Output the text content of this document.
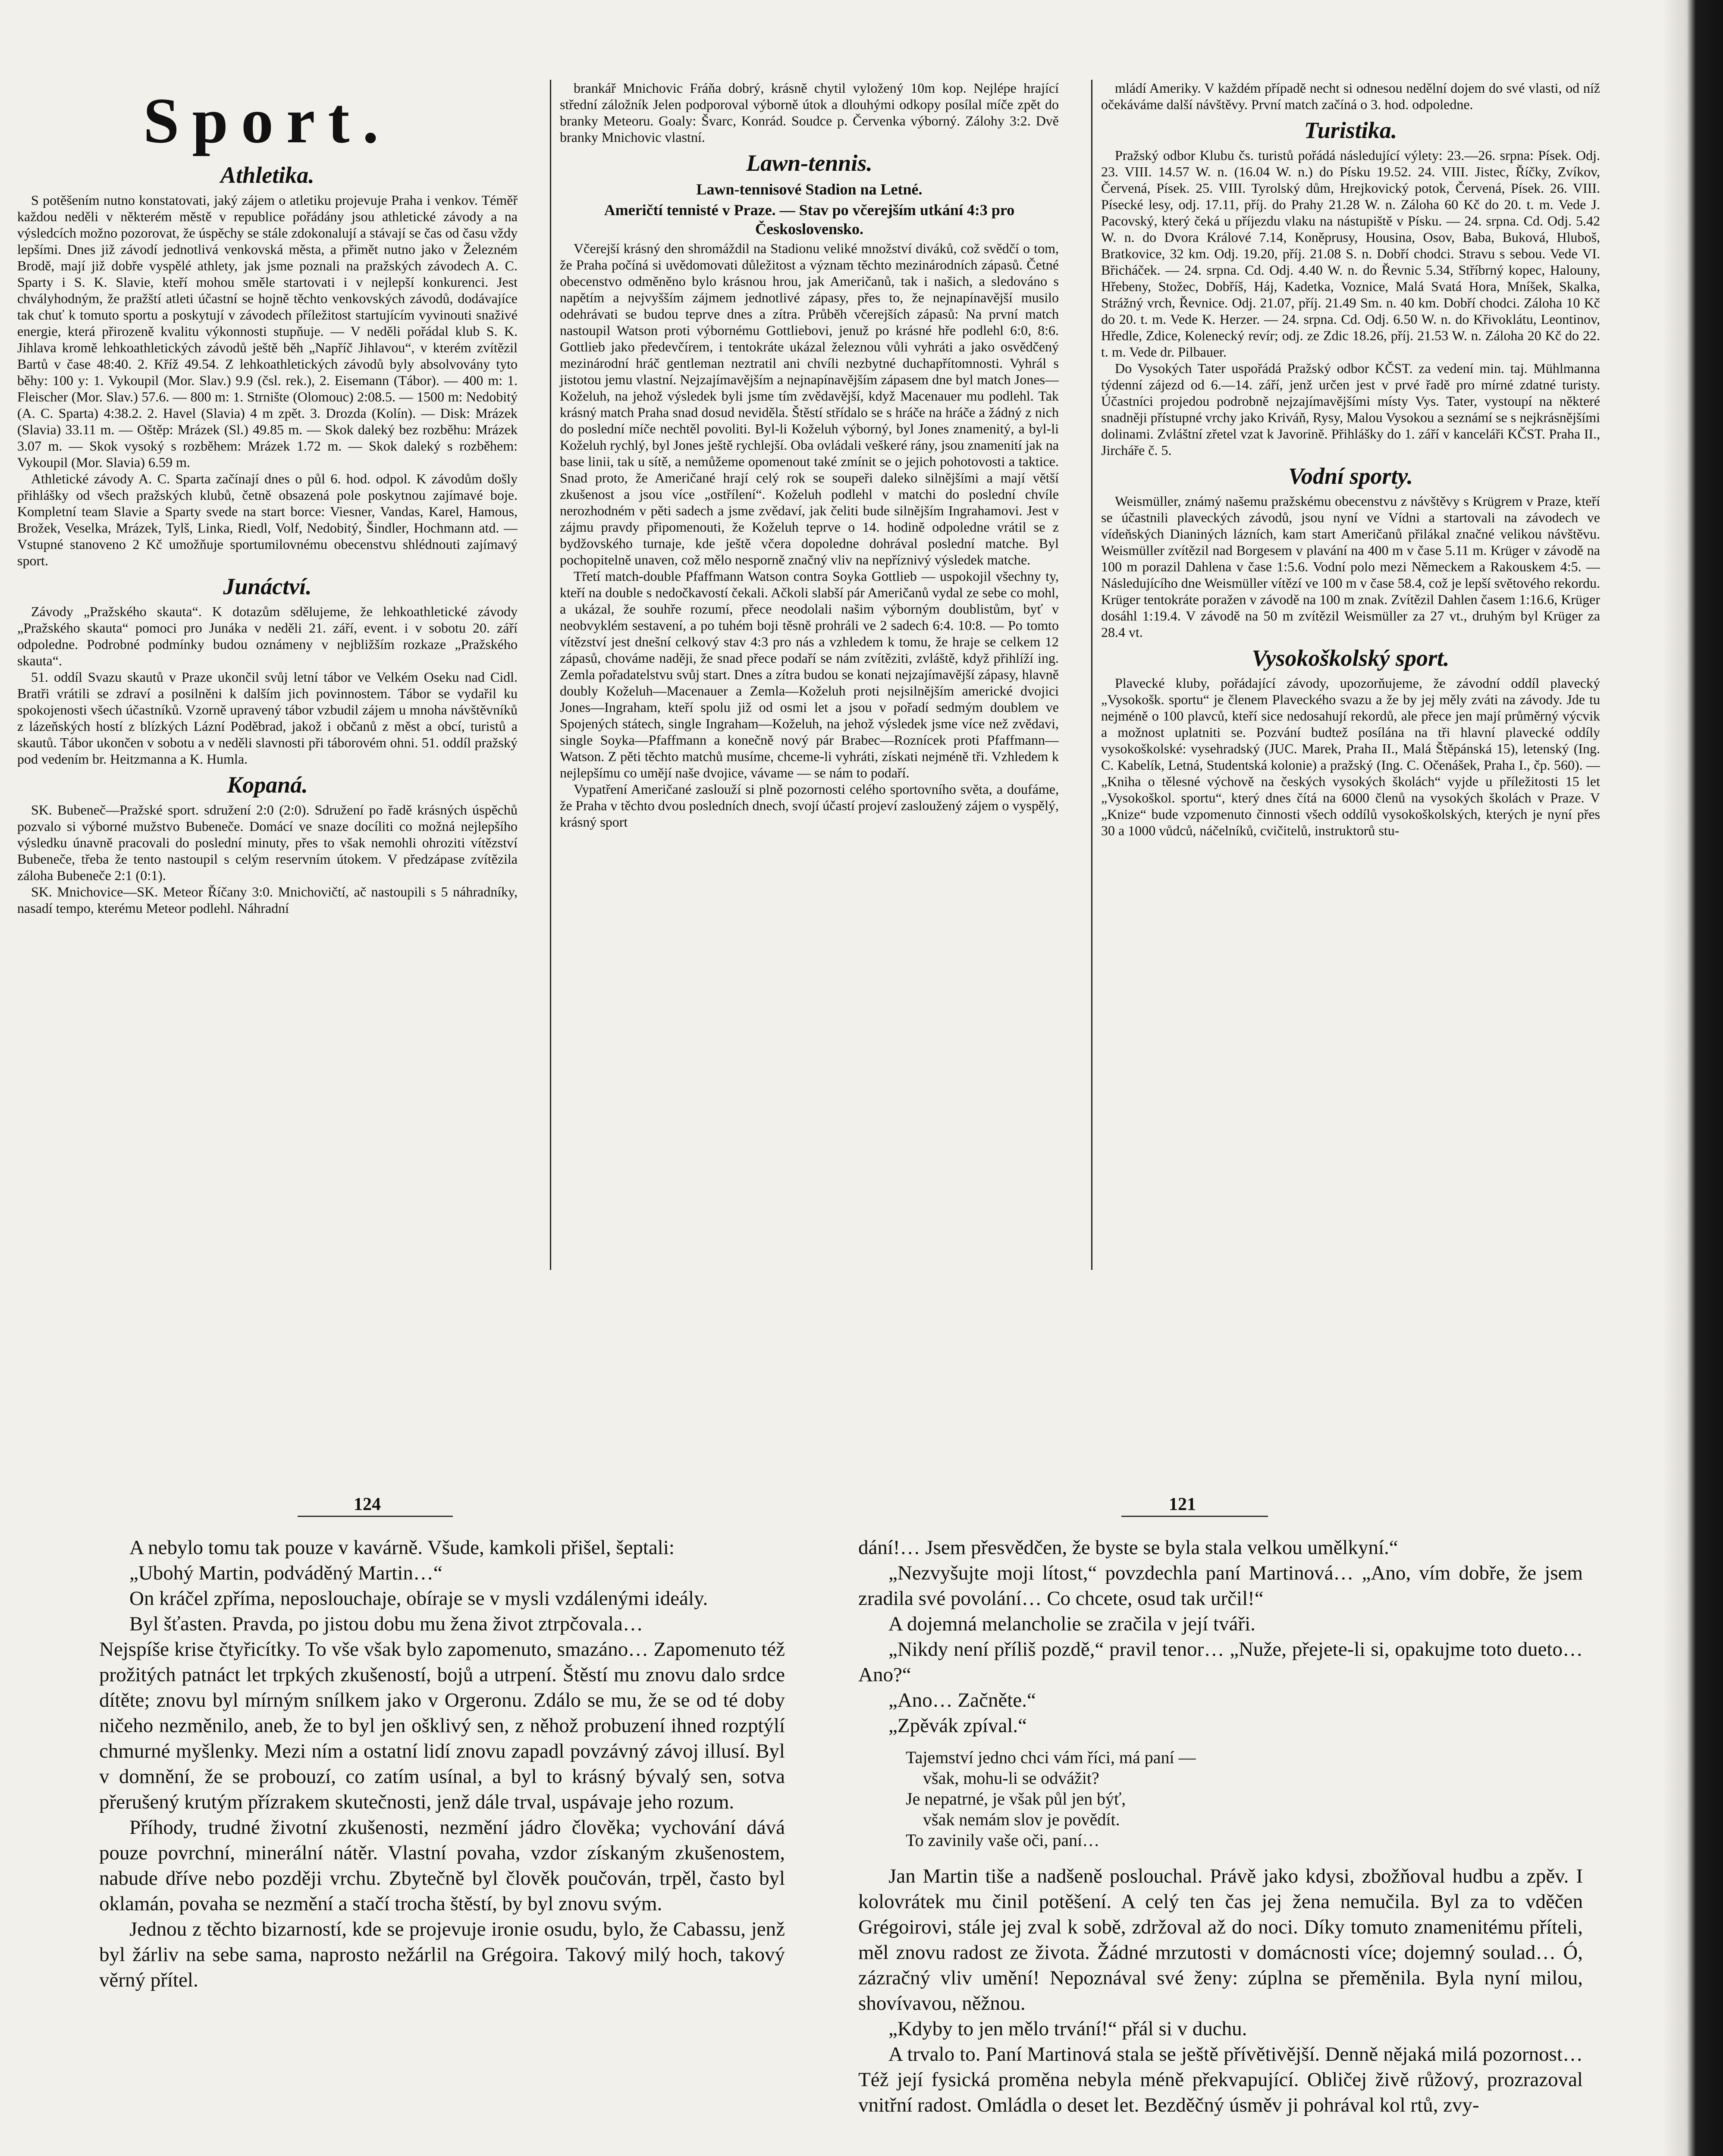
Sport.
Athletika.

S potěšením nutno konstatovati, jaký zájem o atletiku projevuje Praha i venkov. Téměř každou neděli v některém městě v republice pořádány jsou athletické závody a na výsledcích možno pozorovat, že úspěchy se stále zdokonalují a stávají se čas od času vždy lepšími. Dnes již závodí jednotlivá venkovská města, a přimět nutno jako v Železném Brodě, mají již dobře vyspělé athlety, jak jsme poznali na pražských závodech A. C. Sparty i S. K. Slavie, kteří mohou směle startovati i v nejlepší konkurenci. Jest chvályhodným, že pražští atleti účastní se hojně těchto venkovských závodů, dodávajíce tak chuť k tomuto sportu a poskytují v závodech příležitost startujícím vyvinouti snaživé energie, která přirozeně kvalitu výkonnosti stupňuje. — V neděli pořádal klub S. K. Jihlava kromě lehkoathletických závodů ještě běh „Napříč Jihlavou“, v kterém zvítězil Bartů v čase 48:40. 2. Kříž 49.54. Z lehkoathletických závodů byly absolvovány tyto běhy: 100 y: 1. Vykoupil (Mor. Slav.) 9.9 (čsl. rek.), 2. Eisemann (Tábor). — 400 m: 1. Fleischer (Mor. Slav.) 57.6. — 800 m: 1. Strnište (Olomouc) 2:08.5. — 1500 m: Nedobitý (A. C. Sparta) 4:38.2. 2. Havel (Slavia) 4 m zpět. 3. Drozda (Kolín). — Disk: Mrázek (Slavia) 33.11 m. — Oštěp: Mrázek (Sl.) 49.85 m. — Skok daleký bez rozběhu: Mrázek 3.07 m. — Skok vysoký s rozběhem: Mrázek 1.72 m. — Skok daleký s rozběhem: Vykoupil (Mor. Slavia) 6.59 m.

Athletické závody A. C. Sparta začínají dnes o půl 6. hod. odpol. K závodům došly přihlášky od všech pražských klubů, četně obsazená pole poskytnou zajímavé boje. Kompletní team Slavie a Sparty svede na start borce: Viesner, Vandas, Karel, Hamous, Brožek, Veselka, Mrázek, Tylš, Linka, Riedl, Volf, Nedobitý, Šindler, Hochmann atd. — Vstupné stanoveno 2 Kč umožňuje sportumilovnému obecenstvu shlédnouti zajímavý sport.

Junáctví.

Závody „Pražského skauta“. K dotazům sdělujeme, že lehkoathletické závody „Pražského skauta“ pomoci pro Junáka v neděli 21. září, event. i v sobotu 20. září odpoledne. Podrobné podmínky budou oznámeny v nejbližším rozkaze „Pražského skauta“.

51. oddíl Svazu skautů v Praze ukončil svůj letní tábor ve Velkém Oseku nad Cidl. Bratři vrátili se zdraví a posilněni k dalším jich povinnostem. Tábor se vydařil ku spokojenosti všech účastníků. Vzorně upravený tábor vzbudil zájem u mnoha návštěvníků z lázeňských hostí z blízkých Lázní Poděbrad, jakož i občanů z měst a obcí, turistů a skautů. Tábor ukončen v sobotu a v neděli slavnosti při táborovém ohni. 51. oddíl pražský pod vedením br. Heitzmanna a K. Humla.

Kopaná.

SK. Bubeneč—Pražské sport. sdružení 2:0 (2:0). Sdružení po řadě krásných úspěchů pozvalo si výborné mužstvo Bubeneče. Domácí ve snaze docíliti co možná nejlepšího výsledku únavně pracovali do poslední minuty, přes to však nemohli ohroziti vítězství Bubeneče, třeba že tento nastoupil s celým reservním útokem. V předzápase zvítězila záloha Bubeneče 2:1 (0:1).

SK. Mnichovice—SK. Meteor Říčany 3:0. Mnichovičtí, ač nastoupili s 5 náhradníky, nasadí tempo, kterému Meteor podlehl. Náhradní

brankář Mnichovic Fráňa dobrý, krásně chytil vyložený 10m kop. Nejlépe hrající střední záložník Jelen podporoval výborně útok a dlouhými odkopy posílal míče zpět do branky Meteoru. Goaly: Švarc, Konrád. Soudce p. Červenka výborný. Zálohy 3:2. Dvě branky Mnichovic vlastní.

Lawn-tennis.
Lawn-tennisové Stadion na Letné.
Američtí tennisté v Praze. — Stav po včerejším utkání 4:3 pro Československo.

Včerejší krásný den shromáždil na Stadionu veliké množství diváků, což svědčí o tom, že Praha počíná si uvědomovati důležitost a význam těchto mezinárodních zápasů. Četné obecenstvo odměněno bylo krásnou hrou, jak Američanů, tak i našich, a sledováno s napětím a nejvyšším zájmem jednotlivé zápasy, přes to, že nejnapínavější musilo odehrávati se budou teprve dnes a zítra. Průběh včerejších zápasů: Na první match nastoupil Watson proti výbornému Gottliebovi, jenuž po krásné hře podlehl 6:0, 8:6. Gottlieb jako předevčírem, i tentokráte ukázal železnou vůli vyhráti a jako osvědčený mezinárodní hráč gentleman neztratil ani chvíli nezbytné duchapřítomnosti. Vyhrál s jistotou jemu vlastní. Nejzajímavějším a nejnapínavějším zápasem dne byl match Jones—Koželuh, na jehož výsledek byli jsme tím zvědavější, když Macenauer mu podlehl. Tak krásný match Praha snad dosud neviděla. Štěstí střídalo se s hráče na hráče a žádný z nich do poslední míče nechtěl povoliti. Byl-li Koželuh výborný, byl Jones znamenitý, a byl-li Koželuh rychlý, byl Jones ještě rychlejší. Oba ovládali veškeré rány, jsou znamenití jak na base linii, tak u sítě, a nemůžeme opomenout také zmínit se o jejich pohotovosti a taktice. Snad proto, že Američané hrají celý rok se soupeři daleko silnějšími a mají větší zkušenost a jsou více „ostřílení“. Koželuh podlehl v matchi do poslední chvíle nerozhodném v pěti sadech a jsme zvědaví, jak čeliti bude silnějším Ingrahamovi. Jest v zájmu pravdy připomenouti, že Koželuh teprve o 14. hodině odpoledne vrátil se z bydžovského turnaje, kde ještě včera dopoledne dohrával poslední matche. Byl pochopitelně unaven, což mělo nesporně značný vliv na nepříznivý výsledek matche.

Třetí match-double Pfaffmann Watson contra Soyka Gottlieb — uspokojil všechny ty, kteří na double s nedočkavostí čekali. Ačkoli slabší pár Američanů vydal ze sebe co mohl, a ukázal, že souhře rozumí, přece neodolali našim výborným doublistům, byť v neobvyklém sestavení, a po tuhém boji těsně prohráli ve 2 sadech 6:4. 10:8. — Po tomto vítězství jest dnešní celkový stav 4:3 pro nás a vzhledem k tomu, že hraje se celkem 12 zápasů, chováme naději, že snad přece podaří se nám zvítěziti, zvláště, když přihlíží ing. Zemla pořadatelstvu svůj start. Dnes a zítra budou se konati nejzajímavější zápasy, hlavně doubly Koželuh—Macenauer a Zemla—Koželuh proti nejsilnějším americké dvojici Jones—Ingraham, kteří spolu již od osmi let a jsou v pořadí sedmým doublem ve Spojených státech, single Ingraham—Koželuh, na jehož výsledek jsme více než zvědavi, single Soyka—Pfaffmann a konečně nový pár Brabec—Roznícek proti Pfaffmann—Watson. Z pěti těchto matchů musíme, chceme-li vyhráti, získati nejméně tři. Vzhledem k nejlepšímu co umějí naše dvojice, vávame — se nám to podaří.

Vypatření Američané zaslouží si plně pozornosti celého sportovního světa, a doufáme, že Praha v těchto dvou posledních dnech, svojí účastí projeví zasloužený zájem o vyspělý, krásný sport

mládí Ameriky. V každém případě necht si odnesou nedělní dojem do své vlasti, od níž očekáváme další návštěvy. První match začíná o 3. hod. odpoledne.

Turistika.

Pražský odbor Klubu čs. turistů pořádá následující výlety: 23.—26. srpna: Písek. Odj. 23. VIII. 14.57 W. n. (16.04 W. n.) do Písku 19.52. 24. VIII. Jistec, Říčky, Zvíkov, Červená, Písek. 25. VIII. Tyrolský dům, Hrejkovický potok, Červená, Písek. 26. VIII. Písecké lesy, odj. 17.11, příj. do Prahy 21.28 W. n. Záloha 60 Kč do 20. t. m. Vede J. Pacovský, který čeká u příjezdu vlaku na nástupiště v Písku. — 24. srpna. Cd. Odj. 5.42 W. n. do Dvora Králové 7.14, Koněprusy, Housina, Osov, Baba, Buková, Hluboš, Bratkovice, 32 km. Odj. 19.20, příj. 21.08 S. n. Dobří chodci. Stravu s sebou. Vede VI. Břicháček. — 24. srpna. Cd. Odj. 4.40 W. n. do Řevnic 5.34, Stříbrný kopec, Halouny, Hřebeny, Stožec, Dobříš, Háj, Kadetka, Voznice, Malá Svatá Hora, Mníšek, Skalka, Strážný vrch, Řevnice. Odj. 21.07, příj. 21.49 Sm. n. 40 km. Dobří chodci. Záloha 10 Kč do 20. t. m. Vede K. Herzer. — 24. srpna. Cd. Odj. 6.50 W. n. do Křivoklátu, Leontinov, Hředle, Zdice, Kolenecký revír; odj. ze Zdic 18.26, příj. 21.53 W. n. Záloha 20 Kč do 22. t. m. Vede dr. Pilbauer.

Do Vysokých Tater uspořádá Pražský odbor KČST. za vedení min. taj. Mühlmanna týdenní zájezd od 6.—14. září, jenž určen jest v prvé řadě pro mírné zdatné turisty. Účastníci projedou podrobně nejzajímavějšími místy Vys. Tater, vystoupí na některé snadněji přístupné vrchy jako Kriváň, Rysy, Malou Vysokou a seznámí se s nejkrásnějšími dolinami. Zvláštní zřetel vzat k Javorině. Přihlášky do 1. září v kanceláři KČST. Praha II., Jirchářе č. 5.

Vodní sporty.

Weismüller, známý našemu pražskému obecenstvu z návštěvy s Krügrem v Praze, kteří se účastnili plaveckých závodů, jsou nyní ve Vídni a startovali na závodech ve vídeňských Dianiných lázních, kam start Američanů přilákal značné velikou návštěvu. Weismüller zvítězil nad Borgesem v plavání na 400 m v čase 5.11 m. Krüger v závodě na 100 m porazil Dahlena v čase 1:5.6. Vodní polo mezi Německem a Rakouskem 4:5. — Následujícího dne Weismüller vítězí ve 100 m v čase 58.4, což je lepší světového rekordu. Krüger tentokráte poražen v závodě na 100 m znak. Zvítězil Dahlen časem 1:16.6, Krüger dosáhl 1:19.4. V závodě na 50 m zvítězil Weismüller za 27 vt., druhým byl Krüger za 28.4 vt.

Vysokoškolský sport.

Plavecké kluby, pořádající závody, upozorňujeme, že závodní oddíl plavecký „Vysokošk. sportu“ je členem Plaveckého svazu a že by jej měly zváti na závody. Jde tu nejméně o 100 plavců, kteří sice nedosahují rekordů, ale přece jen mají průměrný výcvik a možnost uplatniti se. Pozvání budtež posílána na tři hlavní plavecké oddíly vysokoškolské: vysehradský (JUC. Marek, Praha II., Malá Štěpánská 15), letenský (Ing. C. Kabelík, Letná, Studentská kolonie) a pražský (Ing. C. Očenášek, Praha I., čp. 560). — „Kniha o tělesné výchově na českých vysokých školách“ vyjde u příležitosti 15 let „Vysokoškol. sportu“, který dnes čítá na 6000 členů na vysokých školách v Praze. V „Knize“ bude vzpomenuto činnosti všech oddílů vysokoškolských, kterých je nyní přes 30 a 1000 vůdců, náčelníků, cvičitelů, instruktorů stu-

124	121

A nebylo tomu tak pouze v kavárně. Všude, kamkoli přišel, šeptali:

„Ubohý Martin, podváděný Martin…“

On kráčel zpříma, neposlouchaje, obíraje se v mysli vzdálenými ideály.

Byl šťasten. Pravda, po jistou dobu mu žena život ztrpčovala…

Nejspíše krise čtyřicítky. To vše však bylo zapomenuto, smazáno… Zapomenuto též prožitých patnáct let trpkých zkušeností, bojů a utrpení. Štěstí mu znovu dalo srdce dítěte; znovu byl mírným snílkem jako v Orgeronu. Zdálo se mu, že se od té doby ničeho nezměnilo, aneb, že to byl jen ošklivý sen, z něhož probuzení ihned rozptýlí chmurné myšlenky. Mezi ním a ostatní lidí znovu zapadl povzávný závoj illusí. Byl v domnění, že se probouzí, co zatím usínal, a byl to krásný bývalý sen, sotva přerušený krutým přízrakem skutečnosti, jenž dále trval, uspávaje jeho rozum.

Příhody, trudné životní zkušenosti, nezmění jádro člověka; vychování dává pouze povrchní, minerální nátěr. Vlastní povaha, vzdor získaným zkušenostem, nabude dříve nebo později vrchu. Zbytečně byl člověk poučován, trpěl, často byl oklamán, povaha se nezmění a stačí trocha štěstí, by byl znovu svým.

Jednou z těchto bizarností, kde se projevuje ironie osudu, bylo, že Cabassu, jenž byl žárliv na sebe sama, naprosto nežárlil na Grégoira. Takový milý hoch, takový věrný přítel.

dání!… Jsem přesvědčen, že byste se byla stala velkou umělkyní.“

„Nezvyšujte moji lítost,“ povzdechla paní Martinová… „Ano, vím dobře, že jsem zradila své povolání… Co chcete, osud tak určil!“

A dojemná melancholie se zračila v její tváři.

„Nikdy není příliš pozdě,“ pravil tenor… „Nuže, přejete-li si, opakujme toto dueto… Ano?“

„Ano… Začněte.“

„Zpěvák zpíval.“

Tajemství jedno chci vám říci, má paní —
však, mohu-li se odvážit?
Je nepatrné, je však půl jen býť,
však nemám slov je povědít.
To zavinily vaše oči, paní…

Jan Martin tiše a nadšeně poslouchal. Právě jako kdysi, zbožňoval hudbu a zpěv. I kolovrátek mu činil potěšení. A celý ten čas jej žena nemučila. Byl za to vděčen Grégoirovi, stále jej zval k sobě, zdržoval až do noci. Díky tomuto znamenitému příteli, měl znovu radost ze života. Žádné mrzutosti v domácnosti více; dojemný soulad… Ó, zázračný vliv umění! Nepoznával své ženy: zúplna se přeměnila. Byla nyní milou, shovívavou, něžnou.

„Kdyby to jen mělo trvání!“ přál si v duchu.

A trvalo to. Paní Martinová stala se ještě přívětivější. Denně nějaká milá pozornost… Též její fysická proměna nebyla méně překvapující. Obličej živě růžový, prozrazoval vnitřní radost. Omládla o deset let. Bezděčný úsměv ji pohrával kol rtů, zvy-
